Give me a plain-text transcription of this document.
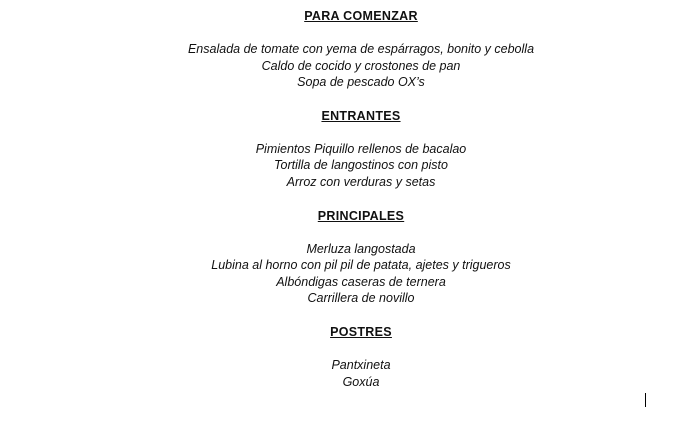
PARA COMENZAR
Ensalada de tomate con yema de espárragos, bonito y cebolla
Caldo de cocido y crostones de pan
Sopa de pescado OX’s
ENTRANTES
Pimientos Piquillo rellenos de bacalao
Tortilla de langostinos con pisto
Arroz con verduras y setas
PRINCIPALES
Merluza langostada
Lubina al horno con pil pil de patata, ajetes y trigueros
Albóndigas caseras de ternera
Carrillera de novillo
POSTRES
Pantxineta
Goxúa
